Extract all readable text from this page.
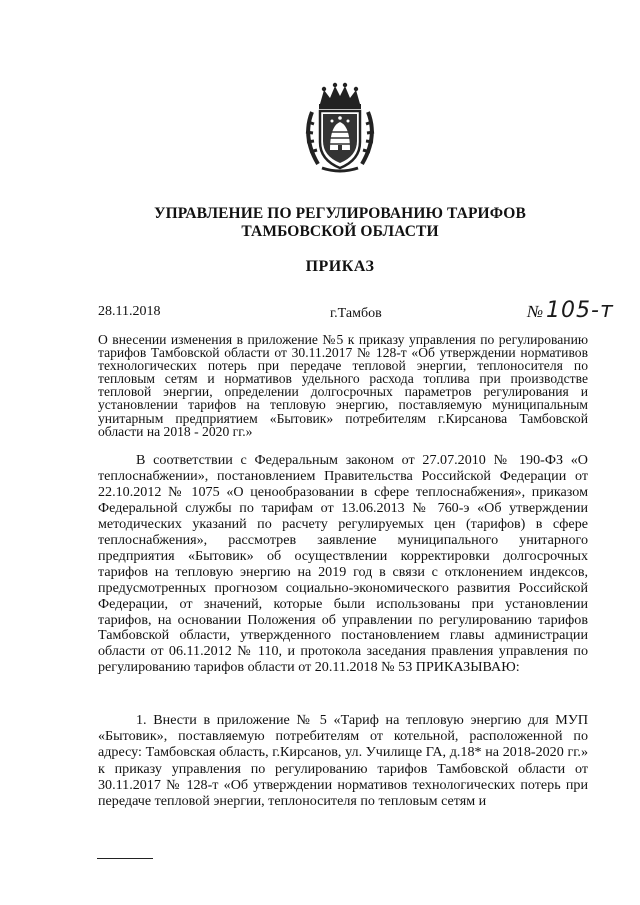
УПРАВЛЕНИЕ ПО РЕГУЛИРОВАНИЮ ТАРИФОВ
ТАМБОВСКОЙ ОБЛАСТИ
ПРИКАЗ
28.11.2018	г.Тамбов	№ 105-т
О внесении изменения в приложение №5 к приказу управления по регулированию тарифов Тамбовской области от 30.11.2017 № 128-т «Об утверждении нормативов технологических потерь при передаче тепловой энергии, теплоносителя по тепловым сетям и нормативов удельного расхода топлива при производстве тепловой энергии, определении долгосрочных параметров регулирования и установлении тарифов на тепловую энергию, поставляемую муниципальным унитарным предприятием «Бытовик» потребителям г.Кирсанова Тамбовской области на 2018 - 2020 гг.»
В соответствии с Федеральным законом от 27.07.2010 № 190-ФЗ «О теплоснабжении», постановлением Правительства Российской Федерации от 22.10.2012 № 1075 «О ценообразовании в сфере теплоснабжения», приказом Федеральной службы по тарифам от 13.06.2013 № 760-э «Об утверждении методических указаний по расчету регулируемых цен (тарифов) в сфере теплоснабжения», рассмотрев заявление муниципального унитарного предприятия «Бытовик» об осуществлении корректировки долгосрочных тарифов на тепловую энергию на 2019 год в связи с отклонением индексов, предусмотренных прогнозом социально-экономического развития Российской Федерации, от значений, которые были использованы при установлении тарифов, на основании Положения об управлении по регулированию тарифов Тамбовской области, утвержденного постановлением главы администрации области от 06.11.2012 № 110, и протокола заседания правления управления по регулированию тарифов области от 20.11.2018 № 53 ПРИКАЗЫВАЮ:
1. Внести в приложение № 5 «Тариф на тепловую энергию для МУП «Бытовик», поставляемую потребителям от котельной, расположенной по адресу: Тамбовская область, г.Кирсанов, ул. Училище ГА, д.18* на 2018-2020 гг.» к приказу управления по регулированию тарифов Тамбовской области от 30.11.2017 № 128-т «Об утверждении нормативов технологических потерь при передаче тепловой энергии, теплоносителя по тепловым сетям и
